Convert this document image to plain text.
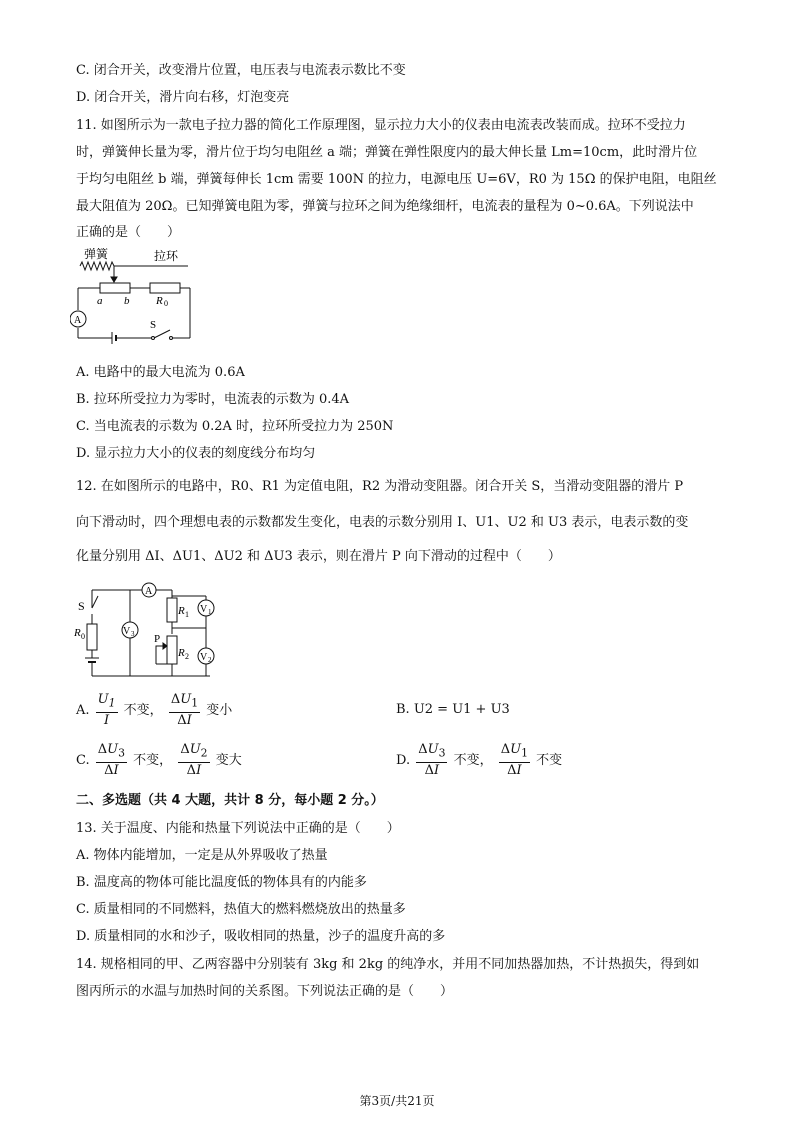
C. 闭合开关，改变滑片位置，电压表与电流表示数比不变
D. 闭合开关，滑片向右移，灯泡变亮
11. 如图所示为一款电子拉力器的简化工作原理图，显示拉力大小的仪表由电流表改装而成。拉环不受拉力
时，弹簧伸长量为零，滑片位于均匀电阻丝 a 端；弹簧在弹性限度内的最大伸长量 Lm=10cm，此时滑片位
于均匀电阻丝 b 端，弹簧每伸长 1cm 需要 100N 的拉力，电源电压 U=6V，R0 为 15Ω 的保护电阻，电阻丝
最大阻值为 20Ω。已知弹簧电阻为零，弹簧与拉环之间为绝缘细杆，电流表的量程为 0~0.6A。下列说法中
正确的是（　　）
弹簧	拉环
a b R 0
A	S
A. 电路中的最大电流为 0.6A
B. 拉环所受拉力为零时，电流表的示数为 0.4A
C. 当电流表的示数为 0.2A 时，拉环所受拉力为 250N
D. 显示拉力大小的仪表的刻度线分布均匀
12. 在如图所示的电路中，R0、R1 为定值电阻，R2 为滑动变阻器。闭合开关 S，当滑动变阻器的滑片 P
向下滑动时，四个理想电表的示数都发生变化，电表的示数分别用 I、U1、U2 和 U3 表示，电表示数的变
化量分别用 ΔI、ΔU1、ΔU2 和 ΔU3 表示，则在滑片 P 向下滑动的过程中（　　）
S
R 0
A
V 3
R 1
R 2
P
V 1
V 2
A. $\frac{U_1}{I}$ 不变， $\frac{\Delta U_1}{\Delta I}$ 变小	B. U2 = U1 + U3
C. $\frac{\Delta U_3}{\Delta I}$ 不变， $\frac{\Delta U_2}{\Delta I}$ 变大	D. $\frac{\Delta U_3}{\Delta I}$ 不变， $\frac{\Delta U_1}{\Delta I}$ 不变
二、多选题（共 4 大题，共计 8 分，每小题 2 分。）
13. 关于温度、内能和热量下列说法中正确的是（　　）
A. 物体内能增加，一定是从外界吸收了热量
B. 温度高的物体可能比温度低的物体具有的内能多
C. 质量相同的不同燃料，热值大的燃料燃烧放出的热量多
D. 质量相同的水和沙子，吸收相同的热量，沙子的温度升高的多
14. 规格相同的甲、乙两容器中分别装有 3kg 和 2kg 的纯净水，并用不同加热器加热，不计热损失，得到如
图丙所示的水温与加热时间的关系图。下列说法正确的是（　　）
第3页/共21页
